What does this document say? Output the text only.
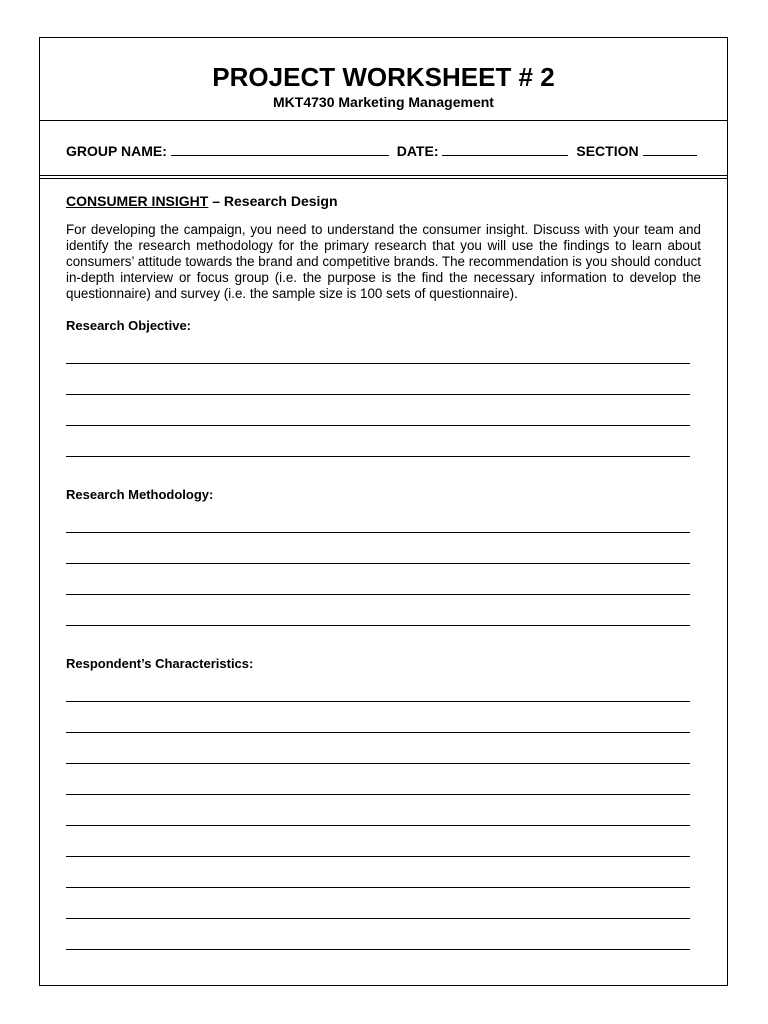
PROJECT WORKSHEET # 2
MKT4730 Marketing Management
GROUP NAME:	DATE:	SECTION

CONSUMER INSIGHT – Research Design

For developing the campaign, you need to understand the consumer insight. Discuss with your team and identify the research methodology for the primary research that you will use the findings to learn about consumers’ attitude towards the brand and competitive brands. The recommendation is you should conduct in-depth interview or focus group (i.e. the purpose is the find the necessary information to develop the questionnaire) and survey (i.e. the sample size is 100 sets of questionnaire).
Research Objective:
Research Methodology:
Respondent’s Characteristics:
